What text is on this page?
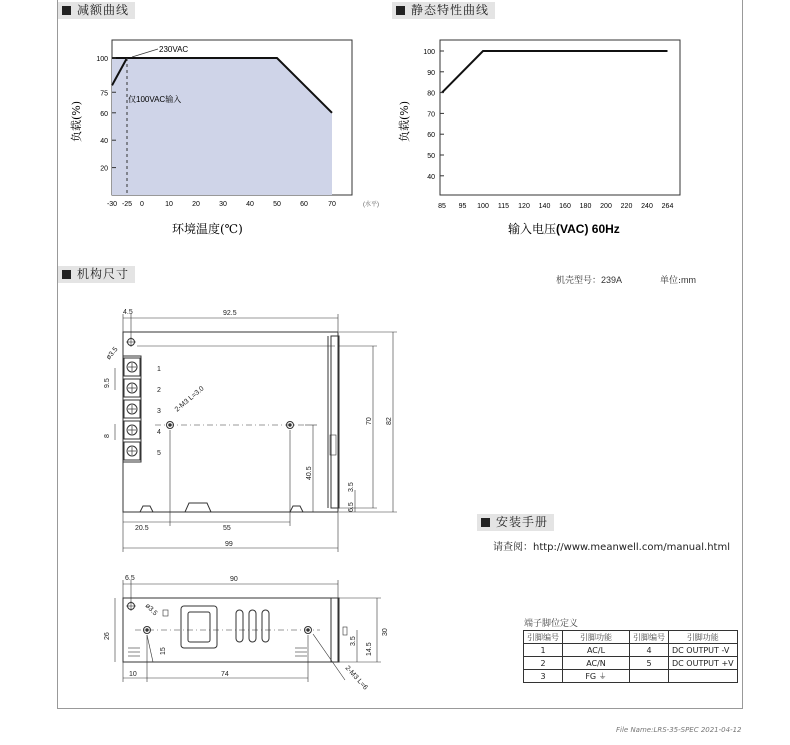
减额曲线	静态特性曲线
机构尺寸
安装手册
100
75
60
40
20
-30 -25 0	10	20	30	40	50	60	70
230VAC
仅100VAC输入
(水平)
负载(%)
环境温度(℃)
100
90
80
70
60
50
40
85 95 100 115 120 140 160 180 200 220 240 264
负载(%)
输入电压(VAC) 60Hz
机壳型号：239A	单位:mm
4.5	92.5
9.5
8
70 82
40.5
3.5
6.5
20.5	55
99
ø3.5
2-M3 L=3.0
1
2
3
4
5
6.5	90
26
15
30
3.5
14.5
10	74
ø3.5
2-M3 L=6
请查阅：http://www.meanwell.com/manual.html
端子脚位定义
引脚编号	引脚功能	引脚编号	引脚功能
1	AC/L	4	DC OUTPUT -V
2	AC/N	5	DC OUTPUT +V
3	FG ⏚		
File Name:LRS-35-SPEC 2021-04-12
